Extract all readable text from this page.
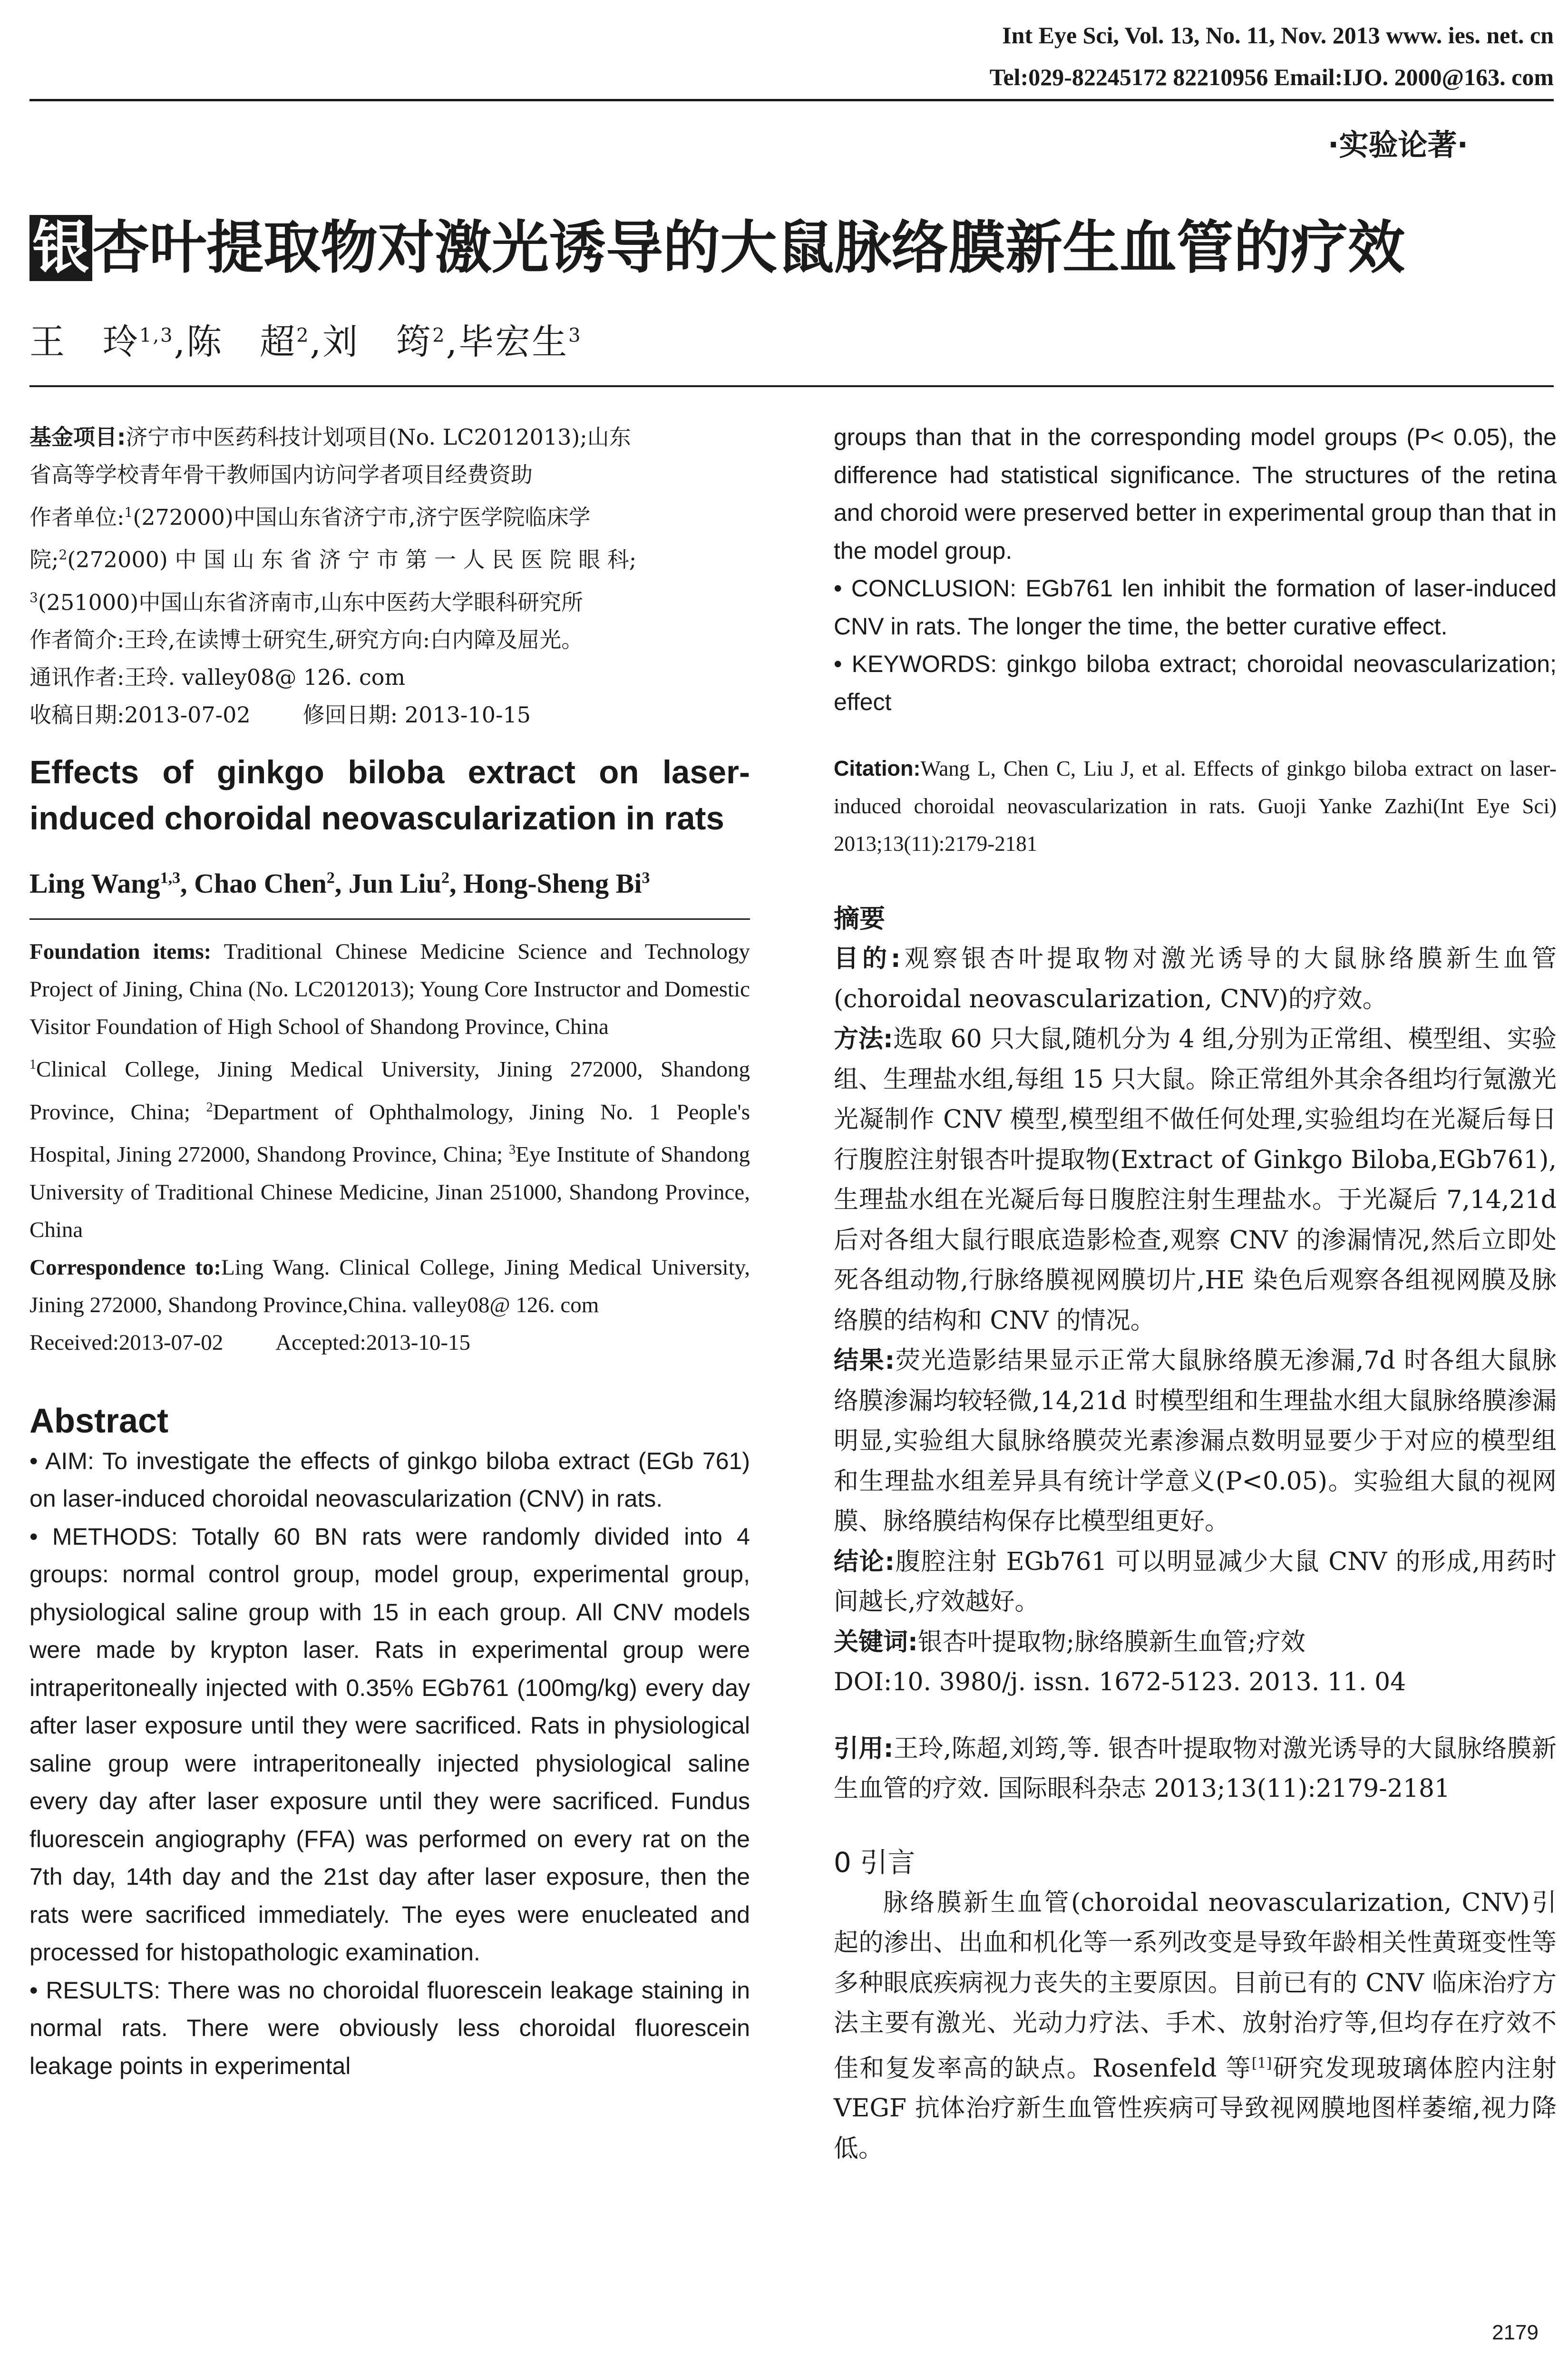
Int Eye Sci, Vol. 13, No. 11, Nov. 2013 www. ies. net. cn
Tel:029-82245172 82210956 Email:IJO. 2000@163. com
·实验论著·
银杏叶提取物对激光诱导的大鼠脉络膜新生血管的疗效
王　玲$^{1,3}$,陈　超$^2$,刘　筠$^2$,毕宏生$^3$
基金项目:济宁市中医药科技计划项目(No. LC2012013);山东
省高等学校青年骨干教师国内访问学者项目经费资助
作者单位:$^1$(272000)中国山东省济宁市,济宁医学院临床学
院;$^2$(272000) 中 国 山 东 省 济 宁 市 第 一 人 民 医 院 眼 科;
$^3$(251000)中国山东省济南市,山东中医药大学眼科研究所
作者简介:王玲,在读博士研究生,研究方向:白内障及屈光。
通讯作者:王玲. valley08@ 126. com
收稿日期:2013-07-02 修回日期: 2013-10-15
Effects of ginkgo biloba extract on laser-induced choroidal neovascularization in rats
Ling Wang$^{1,3}$, Chao Chen$^2$, Jun Liu$^2$, Hong-Sheng Bi$^3$

Foundation items: Traditional Chinese Medicine Science and Technology Project of Jining, China (No. LC2012013); Young Core Instructor and Domestic Visitor Foundation of High School of Shandong Province, China
$^1$Clinical College, Jining Medical University, Jining 272000, Shandong Province, China; $^2$Department of Ophthalmology, Jining No. 1 People's Hospital, Jining 272000, Shandong Province, China; $^3$Eye Institute of Shandong University of Traditional Chinese Medicine, Jinan 251000, Shandong Province, China
Correspondence to:Ling Wang. Clinical College, Jining Medical University, Jining 272000, Shandong Province,China. valley08@ 126. com

Received:2013-07-02 Accepted:2013-10-15
Abstract

• AIM: To investigate the effects of ginkgo biloba extract (EGb 761) on laser-induced choroidal neovascularization (CNV) in rats.

• METHODS: Totally 60 BN rats were randomly divided into 4 groups: normal control group, model group, experimental group, physiological saline group with 15 in each group. All CNV models were made by krypton laser. Rats in experimental group were intraperitoneally injected with 0.35% EGb761 (100mg/kg) every day after laser exposure until they were sacrificed. Rats in physiological saline group were intraperitoneally injected physiological saline every day after laser exposure until they were sacrificed. Fundus fluorescein angiography (FFA) was performed on every rat on the 7th day, 14th day and the 21st day after laser exposure, then the rats were sacrificed immediately. The eyes were enucleated and processed for histopathologic examination.

• RESULTS: There was no choroidal fluorescein leakage staining in normal rats. There were obviously less choroidal fluorescein leakage points in experimental

groups than that in the corresponding model groups (P< 0.05), the difference had statistical significance. The structures of the retina and choroid were preserved better in experimental group than that in the model group.

• CONCLUSION: EGb761 len inhibit the formation of laser-induced CNV in rats. The longer the time, the better curative effect.

• KEYWORDS: ginkgo biloba extract; choroidal neovascularization; effect

Citation:Wang L, Chen C, Liu J, et al. Effects of ginkgo biloba extract on laser-induced choroidal neovascularization in rats. Guoji Yanke Zazhi(Int Eye Sci) 2013;13(11):2179-2181

摘要

目的:观察银杏叶提取物对激光诱导的大鼠脉络膜新生血管(choroidal neovascularization, CNV)的疗效。

方法:选取 60 只大鼠,随机分为 4 组,分别为正常组、模型组、实验组、生理盐水组,每组 15 只大鼠。除正常组外其余各组均行氪激光光凝制作 CNV 模型,模型组不做任何处理,实验组均在光凝后每日行腹腔注射银杏叶提取物(Extract of Ginkgo Biloba,EGb761),生理盐水组在光凝后每日腹腔注射生理盐水。于光凝后 7,14,21d 后对各组大鼠行眼底造影检查,观察 CNV 的渗漏情况,然后立即处死各组动物,行脉络膜视网膜切片,HE 染色后观察各组视网膜及脉络膜的结构和 CNV 的情况。

结果:荧光造影结果显示正常大鼠脉络膜无渗漏,7d 时各组大鼠脉络膜渗漏均较轻微,14,21d 时模型组和生理盐水组大鼠脉络膜渗漏明显,实验组大鼠脉络膜荧光素渗漏点数明显要少于对应的模型组和生理盐水组差异具有统计学意义(P<0.05)。实验组大鼠的视网膜、脉络膜结构保存比模型组更好。

结论:腹腔注射 EGb761 可以明显减少大鼠 CNV 的形成,用药时间越长,疗效越好。

关键词:银杏叶提取物;脉络膜新生血管;疗效

DOI:10. 3980/j. issn. 1672-5123. 2013. 11. 04

引用:王玲,陈超,刘筠,等. 银杏叶提取物对激光诱导的大鼠脉络膜新生血管的疗效. 国际眼科杂志 2013;13(11):2179-2181

0 引言

脉络膜新生血管(choroidal neovascularization, CNV)引起的渗出、出血和机化等一系列改变是导致年龄相关性黄斑变性等多种眼底疾病视力丧失的主要原因。目前已有的 CNV 临床治疗方法主要有激光、光动力疗法、手术、放射治疗等,但均存在疗效不佳和复发率高的缺点。Rosenfeld 等[1]研究发现玻璃体腔内注射 VEGF 抗体治疗新生血管性疾病可导致视网膜地图样萎缩,视力降低。

2179
